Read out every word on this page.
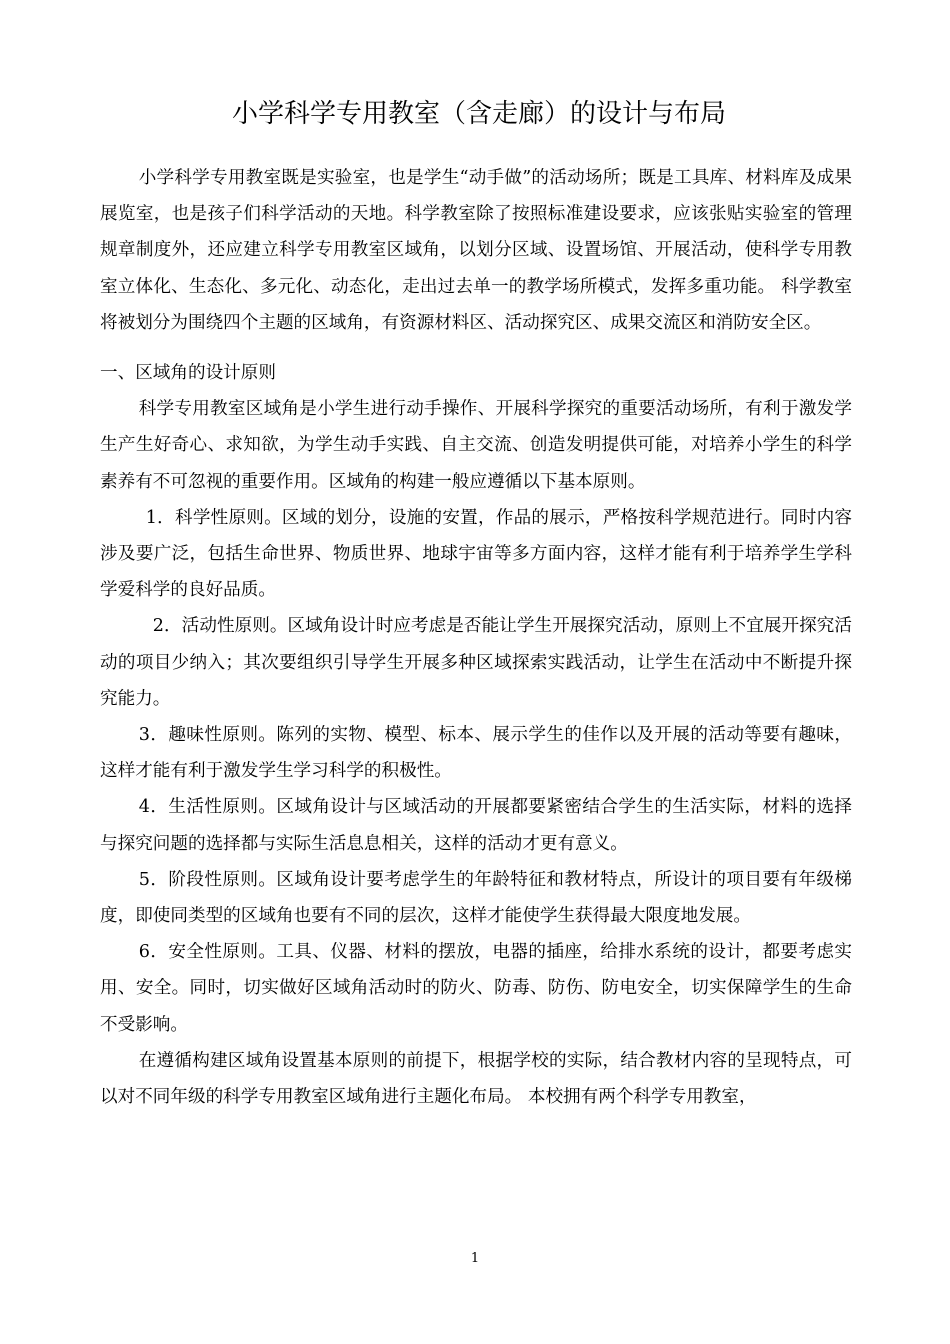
小学科学专用教室（含走廊）的设计与布局

小学科学专用教室既是实验室，也是学生“动手做”的活动场所；既是工具库、材料库及成果展览室，也是孩子们科学活动的天地。科学教室除了按照标准建设要求，应该张贴实验室的管理规章制度外，还应建立科学专用教室区域角，以划分区域、设置场馆、开展活动，使科学专用教室立体化、生态化、多元化、动态化，走出过去单一的教学场所模式，发挥多重功能。 科学教室将被划分为围绕四个主题的区域角，有资源材料区、活动探究区、成果交流区和消防安全区。

一、区域角的设计原则

科学专用教室区域角是小学生进行动手操作、开展科学探究的重要活动场所，有利于激发学生产生好奇心、求知欲，为学生动手实践、自主交流、创造发明提供可能，对培养小学生的科学素养有不可忽视的重要作用。区域角的构建一般应遵循以下基本原则。

1．科学性原则。区域的划分，设施的安置，作品的展示，严格按科学规范进行。同时内容涉及要广泛，包括生命世界、物质世界、地球宇宙等多方面内容，这样才能有利于培养学生学科学爱科学的良好品质。

2．活动性原则。区域角设计时应考虑是否能让学生开展探究活动，原则上不宜展开探究活动的项目少纳入；其次要组织引导学生开展多种区域探索实践活动，让学生在活动中不断提升探究能力。

3．趣味性原则。陈列的实物、模型、标本、展示学生的佳作以及开展的活动等要有趣味，这样才能有利于激发学生学习科学的积极性。

4．生活性原则。区域角设计与区域活动的开展都要紧密结合学生的生活实际，材料的选择与探究问题的选择都与实际生活息息相关，这样的活动才更有意义。

5．阶段性原则。区域角设计要考虑学生的年龄特征和教材特点，所设计的项目要有年级梯度，即使同类型的区域角也要有不同的层次，这样才能使学生获得最大限度地发展。

6．安全性原则。工具、仪器、材料的摆放，电器的插座，给排水系统的设计，都要考虑实用、安全。同时，切实做好区域角活动时的防火、防毒、防伤、防电安全，切实保障学生的生命不受影响。

在遵循构建区域角设置基本原则的前提下，根据学校的实际，结合教材内容的呈现特点，可以对不同年级的科学专用教室区域角进行主题化布局。 本校拥有两个科学专用教室，

1
